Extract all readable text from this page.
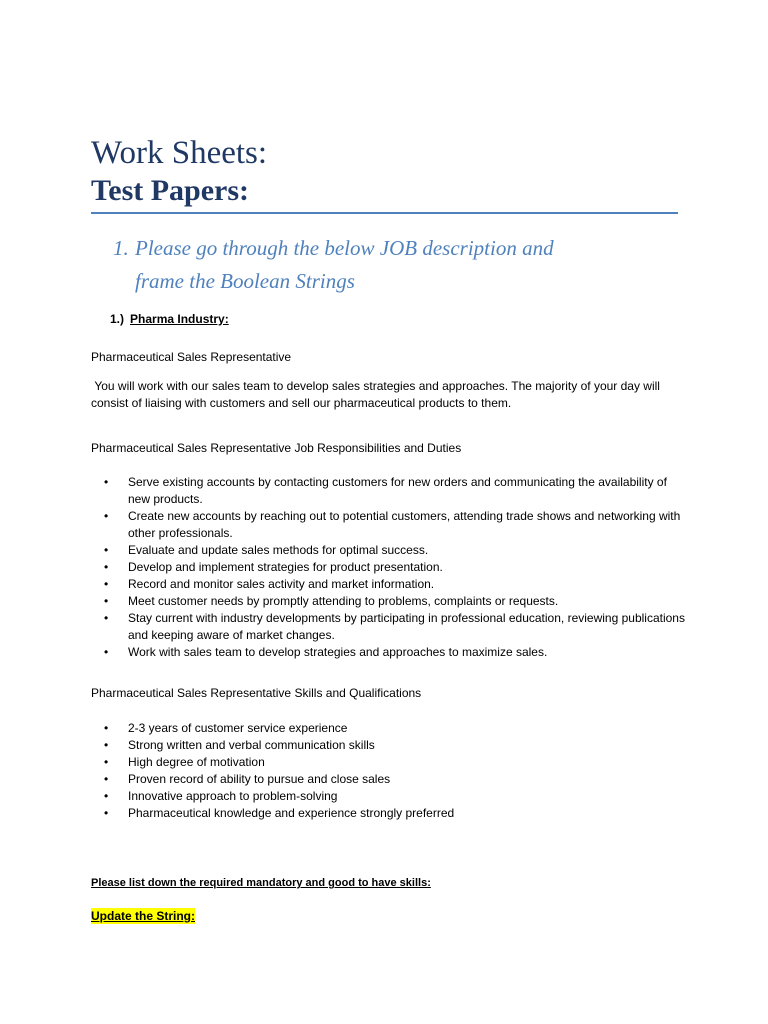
Work Sheets:
Test Papers:
1. Please go through the below JOB description and
frame the Boolean Strings
1.) Pharma Industry:
Pharmaceutical Sales Representative
You will work with our sales team to develop sales strategies and approaches. The majority of your day will consist of liaising with customers and sell our pharmaceutical products to them.
Pharmaceutical Sales Representative Job Responsibilities and Duties
• Serve existing accounts by contacting customers for new orders and communicating the availability of new products.
• Create new accounts by reaching out to potential customers, attending trade shows and networking with other professionals.
• Evaluate and update sales methods for optimal success.
• Develop and implement strategies for product presentation.
• Record and monitor sales activity and market information.
• Meet customer needs by promptly attending to problems, complaints or requests.
• Stay current with industry developments by participating in professional education, reviewing publications and keeping aware of market changes.
• Work with sales team to develop strategies and approaches to maximize sales.
Pharmaceutical Sales Representative Skills and Qualifications
• 2-3 years of customer service experience
• Strong written and verbal communication skills
• High degree of motivation
• Proven record of ability to pursue and close sales
• Innovative approach to problem-solving
• Pharmaceutical knowledge and experience strongly preferred
Please list down the required mandatory and good to have skills:
Update the String:
